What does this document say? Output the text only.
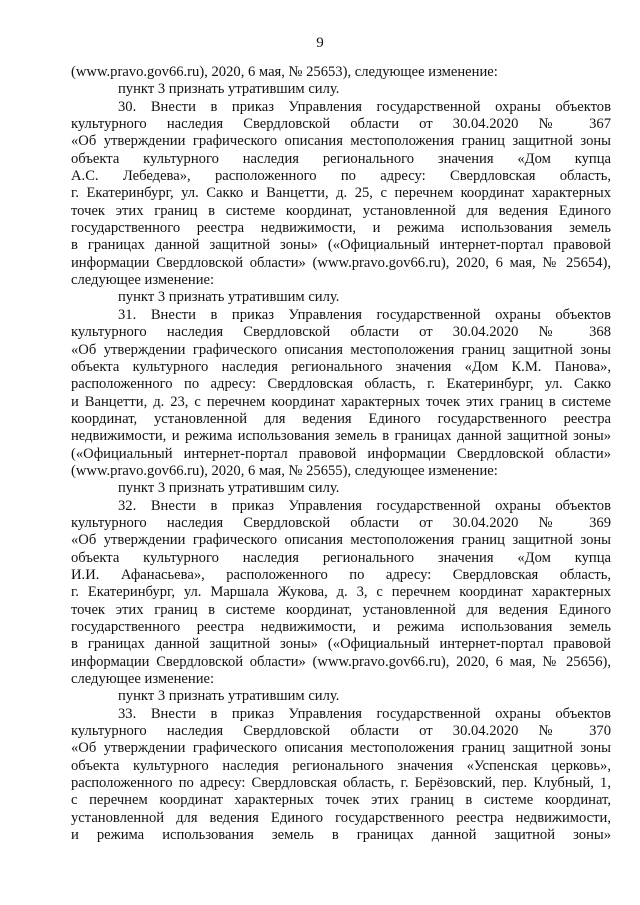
9
(www.pravo.gov66.ru), 2020, 6 мая, № 25653), следующее изменение:
пункт 3 признать утратившим силу.
30. Внести в приказ Управления государственной охраны объектов
культурного наследия Свердловской области от 30.04.2020 № 367
«Об утверждении графического описания местоположения границ защитной зоны
объекта культурного наследия регионального значения «Дом купца
А.С. Лебедева», расположенного по адресу: Свердловская область,
г. Екатеринбург, ул. Сакко и Ванцетти, д. 25, с перечнем координат характерных
точек этих границ в системе координат, установленной для ведения Единого
государственного реестра недвижимости, и режима использования земель
в границах данной защитной зоны» («Официальный интернет-портал правовой
информации Свердловской области» (www.pravo.gov66.ru), 2020, 6 мая, № 25654),
следующее изменение:
пункт 3 признать утратившим силу.
31. Внести в приказ Управления государственной охраны объектов
культурного наследия Свердловской области от 30.04.2020 № 368
«Об утверждении графического описания местоположения границ защитной зоны
объекта культурного наследия регионального значения «Дом К.М. Панова»,
расположенного по адресу: Свердловская область, г. Екатеринбург, ул. Сакко
и Ванцетти, д. 23, с перечнем координат характерных точек этих границ в системе
координат, установленной для ведения Единого государственного реестра
недвижимости, и режима использования земель в границах данной защитной зоны»
(«Официальный интернет-портал правовой информации Свердловской области»
(www.pravo.gov66.ru), 2020, 6 мая, № 25655), следующее изменение:
пункт 3 признать утратившим силу.
32. Внести в приказ Управления государственной охраны объектов
культурного наследия Свердловской области от 30.04.2020 № 369
«Об утверждении графического описания местоположения границ защитной зоны
объекта культурного наследия регионального значения «Дом купца
И.И. Афанасьева», расположенного по адресу: Свердловская область,
г. Екатеринбург, ул. Маршала Жукова, д. 3, с перечнем координат характерных
точек этих границ в системе координат, установленной для ведения Единого
государственного реестра недвижимости, и режима использования земель
в границах данной защитной зоны» («Официальный интернет-портал правовой
информации Свердловской области» (www.pravo.gov66.ru), 2020, 6 мая, № 25656),
следующее изменение:
пункт 3 признать утратившим силу.
33. Внести в приказ Управления государственной охраны объектов
культурного наследия Свердловской области от 30.04.2020 № 370
«Об утверждении графического описания местоположения границ защитной зоны
объекта культурного наследия регионального значения «Успенская церковь»,
расположенного по адресу: Свердловская область, г. Берёзовский, пер. Клубный, 1,
с перечнем координат характерных точек этих границ в системе координат,
установленной для ведения Единого государственного реестра недвижимости,
и режима использования земель в границах данной защитной зоны»
